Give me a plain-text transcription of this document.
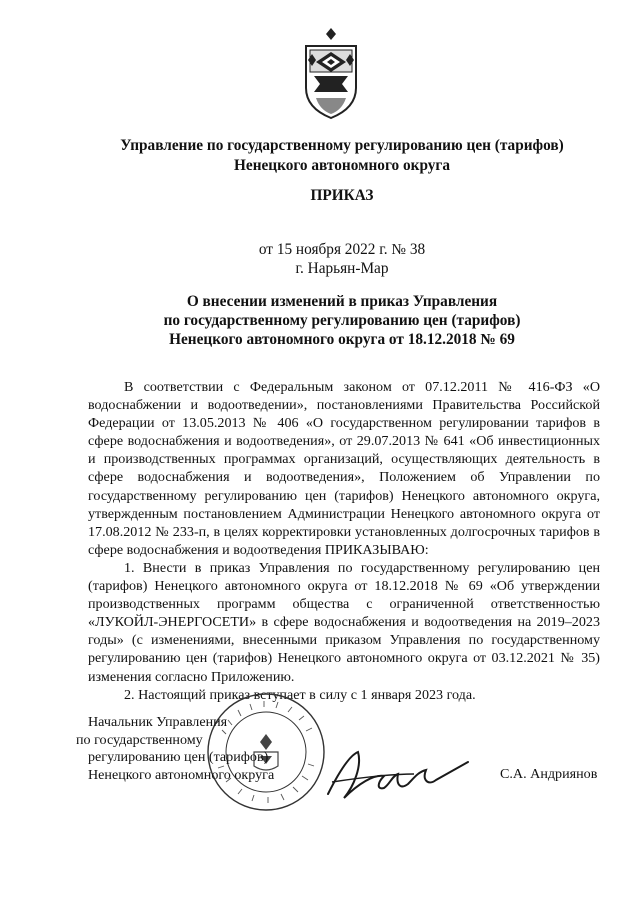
Управление по государственному регулированию цен (тарифов)
Ненецкого автономного округа
ПРИКАЗ
от 15 ноября 2022 г. № 38
г. Нарьян-Мар
О внесении изменений в приказ Управления
по государственному регулированию цен (тарифов)
Ненецкого автономного округа от 18.12.2018 № 69

В соответствии с Федеральным законом от 07.12.2011 № 416-ФЗ «О водоснабжении и водоотведении», постановлениями Правительства Российской Федерации от 13.05.2013 № 406 «О государственном регулировании тарифов в сфере водоснабжения и водоотведения», от 29.07.2013 № 641 «Об инвестиционных и производственных программах организаций, осуществляющих деятельность в сфере водоснабжения и водоотведения», Положением об Управлении по государственному регулированию цен (тарифов) Ненецкого автономного округа, утвержденным постановлением Администрации Ненецкого автономного округа от 17.08.2012 № 233-п, в целях корректировки установленных долгосрочных тарифов в сфере водоснабжения и водоотведения ПРИКАЗЫВАЮ:

1. Внести в приказ Управления по государственному регулированию цен (тарифов) Ненецкого автономного округа от 18.12.2018 № 69 «Об утверждении производственных программ общества с ограниченной ответственностью «ЛУКОЙЛ-ЭНЕРГОСЕТИ» в сфере водоснабжения и водоотведения на 2019–2023 годы» (с изменениями, внесенными приказом Управления по государственному регулированию цен (тарифов) Ненецкого автономного округа от 03.12.2021 № 35) изменения согласно Приложению.

2. Настоящий приказ вступает в силу с 1 января 2023 года.

Начальник Управления
по государственному
регулированию цен (тарифов)
Ненецкого автономного округа	С.А. Андриянов
